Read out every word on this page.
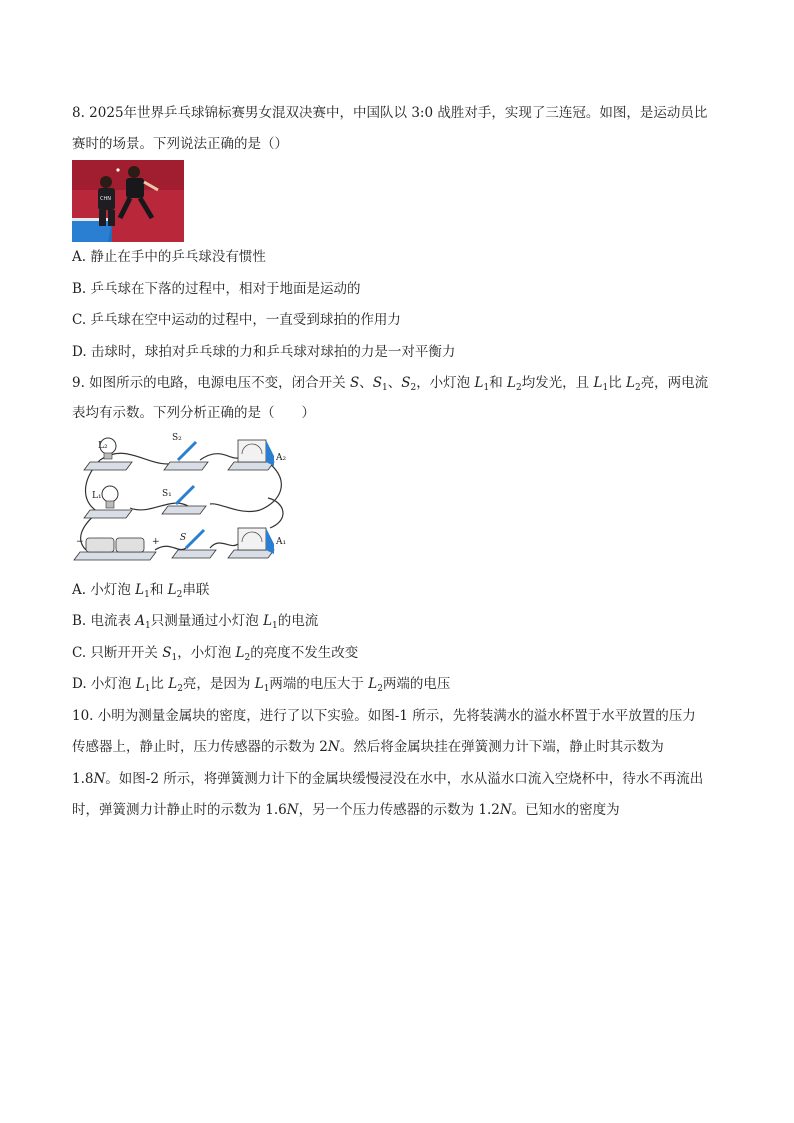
8. 2025年世界乒乓球锦标赛男女混双决赛中，中国队以 3:0 战胜对手，实现了三连冠。如图，是运动员比
赛时的场景。下列说法正确的是（）
CHN
A. 静止在手中的乒乓球没有惯性
B. 乒乓球在下落的过程中，相对于地面是运动的
C. 乒乓球在空中运动的过程中，一直受到球拍的作用力
D. 击球时，球拍对乒乓球的力和乒乓球对球拍的力是一对平衡力
9. 如图所示的电路，电源电压不变，闭合开关 S、$S_1$、$S_2$，小灯泡 $L_1$和 $L_2$均发光，且 $L_1$比 $L_2$亮，两电流
表均有示数。下列分析正确的是（　　）
L₂
S₂
A₂
L₁	S₁
−	+ S	A₁
A. 小灯泡 $L_1$和 $L_2$串联
B. 电流表 $A_1$只测量通过小灯泡 $L_1$的电流
C. 只断开开关 $S_1$，小灯泡 $L_2$的亮度不发生改变
D. 小灯泡 $L_1$比 $L_2$亮，是因为 $L_1$两端的电压大于 $L_2$两端的电压
10. 小明为测量金属块的密度，进行了以下实验。如图-1 所示，先将装满水的溢水杯置于水平放置的压力
传感器上，静止时，压力传感器的示数为 2N。然后将金属块挂在弹簧测力计下端，静止时其示数为
1.8N。如图-2 所示，将弹簧测力计下的金属块缓慢浸没在水中，水从溢水口流入空烧杯中，待水不再流出
时，弹簧测力计静止时的示数为 1.6N，另一个压力传感器的示数为 1.2N。已知水的密度为
